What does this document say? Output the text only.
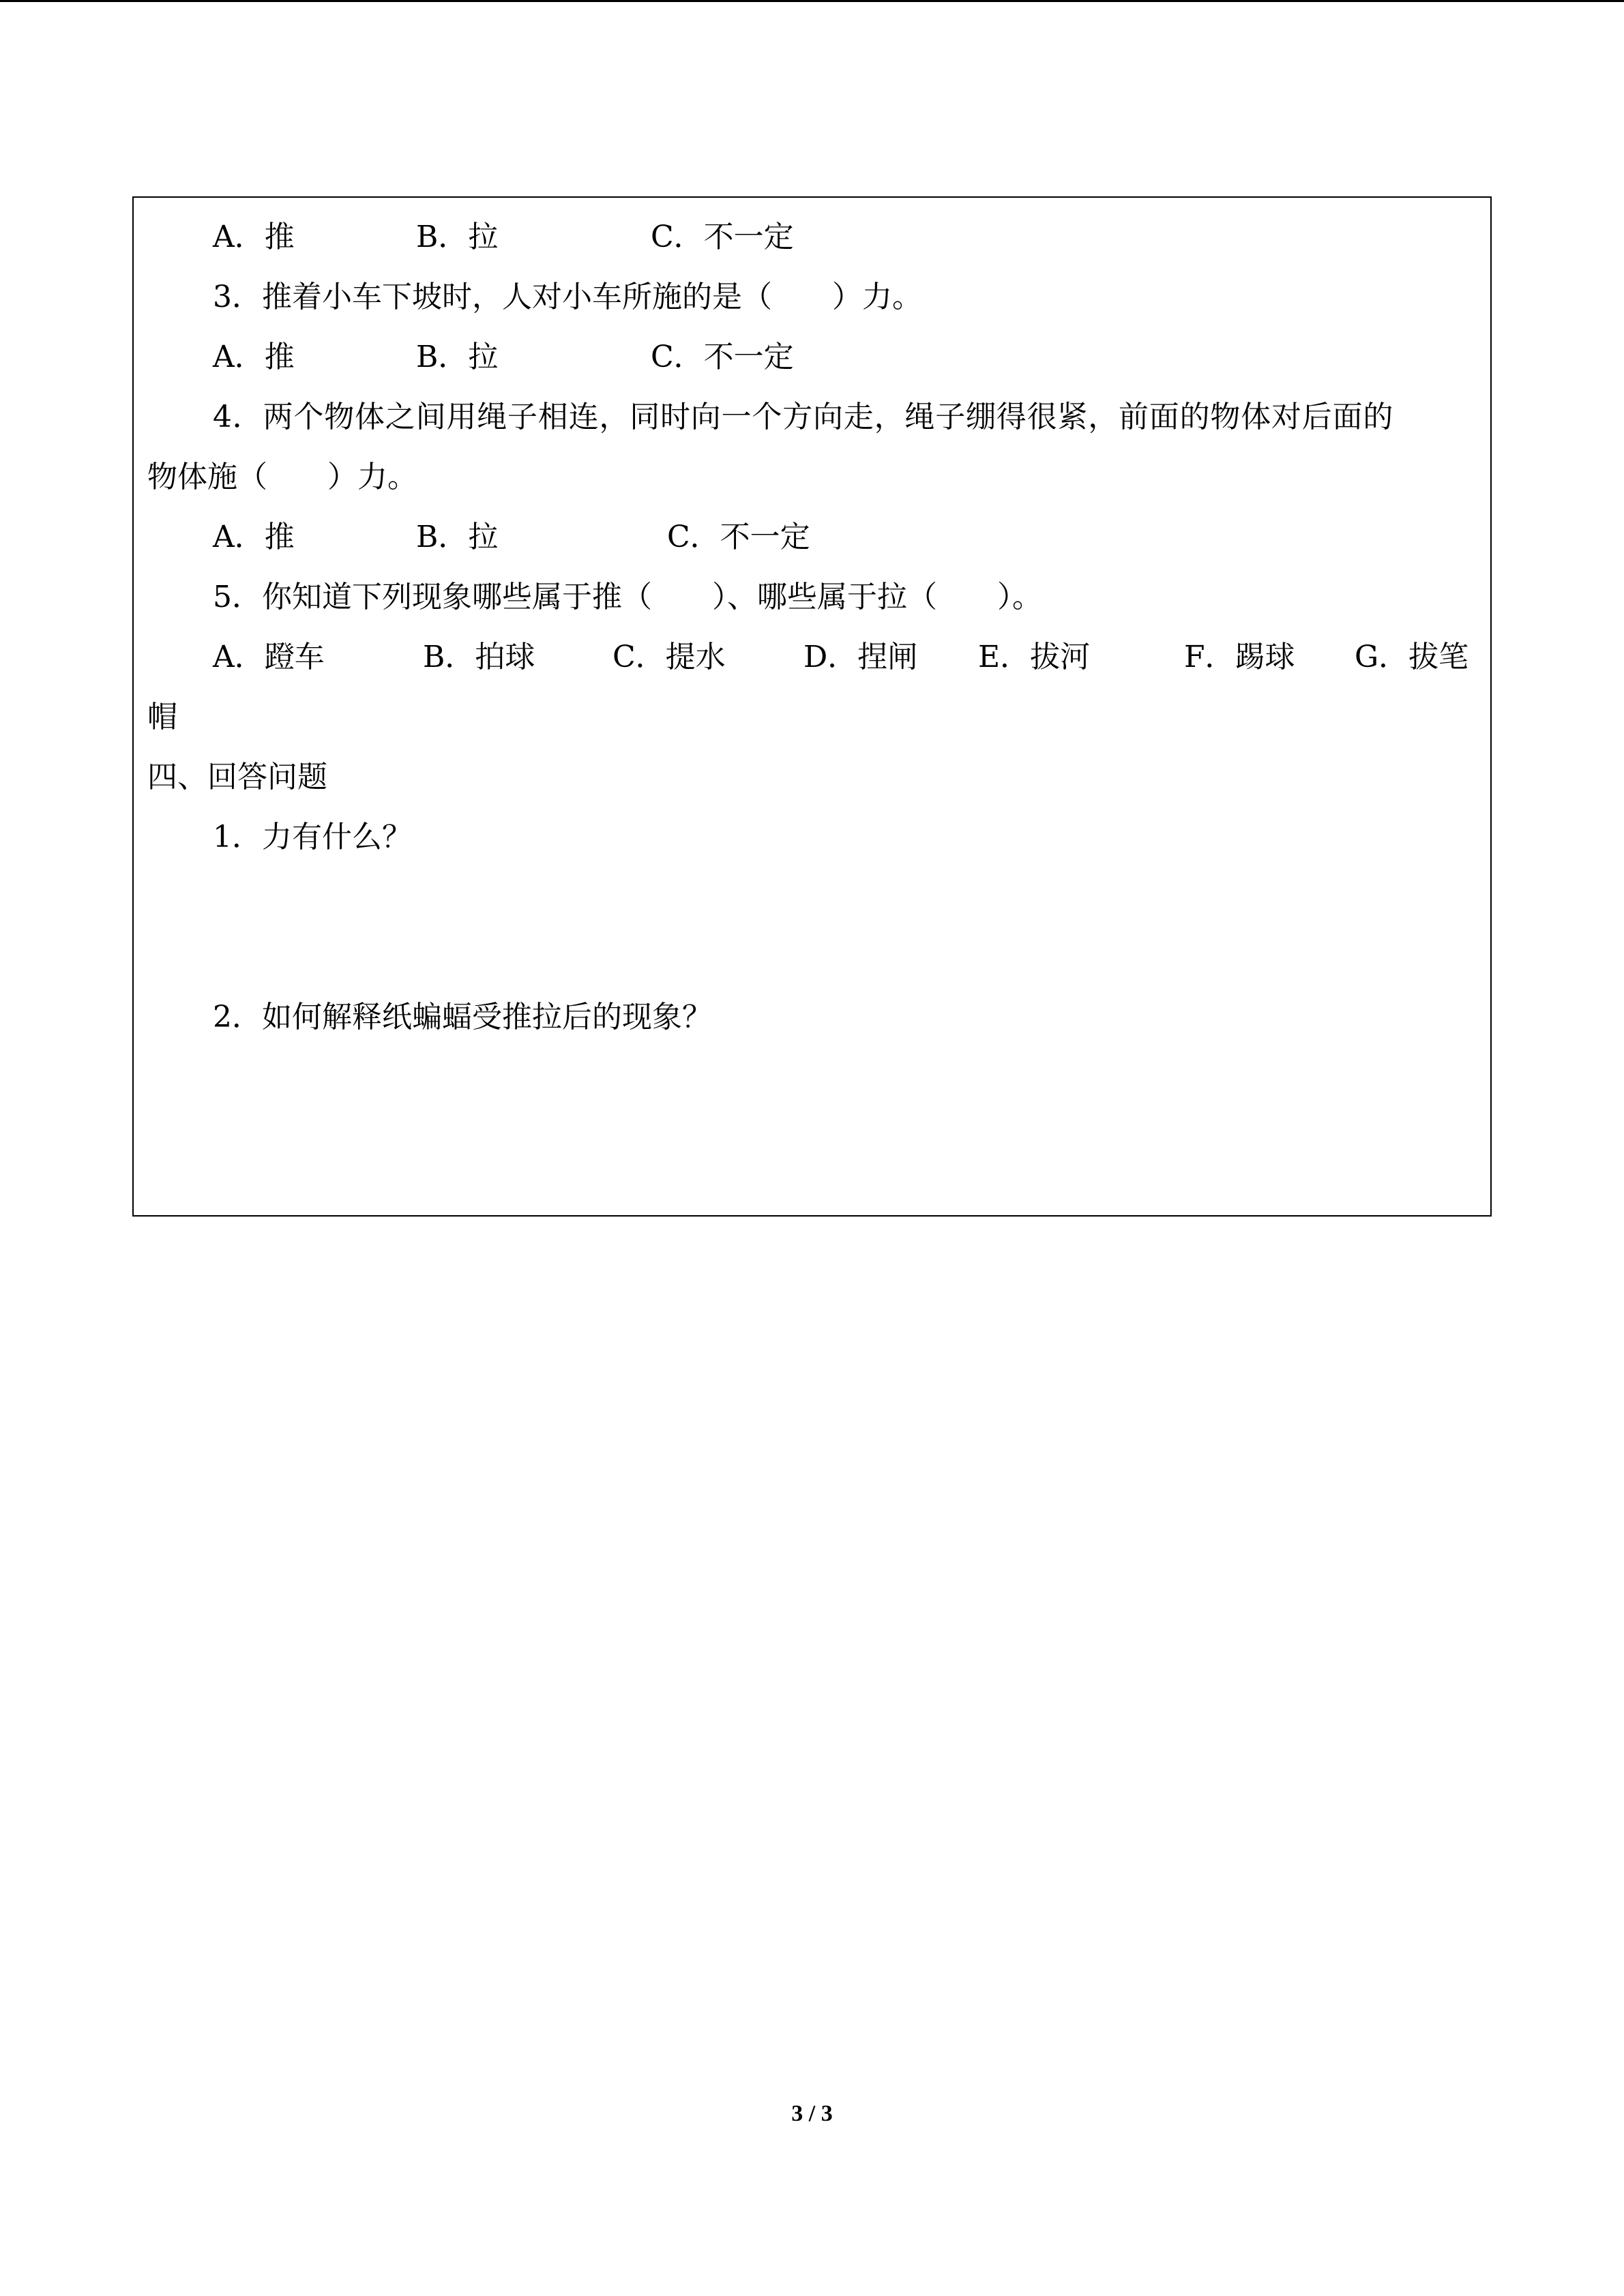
A．推	B．拉	C．不一定
3．推着小车下坡时，人对小车所施的是（　　）力。
A．推	B．拉	C．不一定
4．两个物体之间用绳子相连，同时向一个方向走，绳子绷得很紧，前面的物体对后面的
物体施（　　）力。
A．推	B．拉	C．不一定
5．你知道下列现象哪些属于推（　　）、哪些属于拉（　　）。
A．蹬车	B．拍球	C．提水	D．捏闸 E．拔河	F．踢球 G．拔笔
帽
四、回答问题
1．力有什么？
2．如何解释纸蝙蝠受推拉后的现象？
3 / 3
